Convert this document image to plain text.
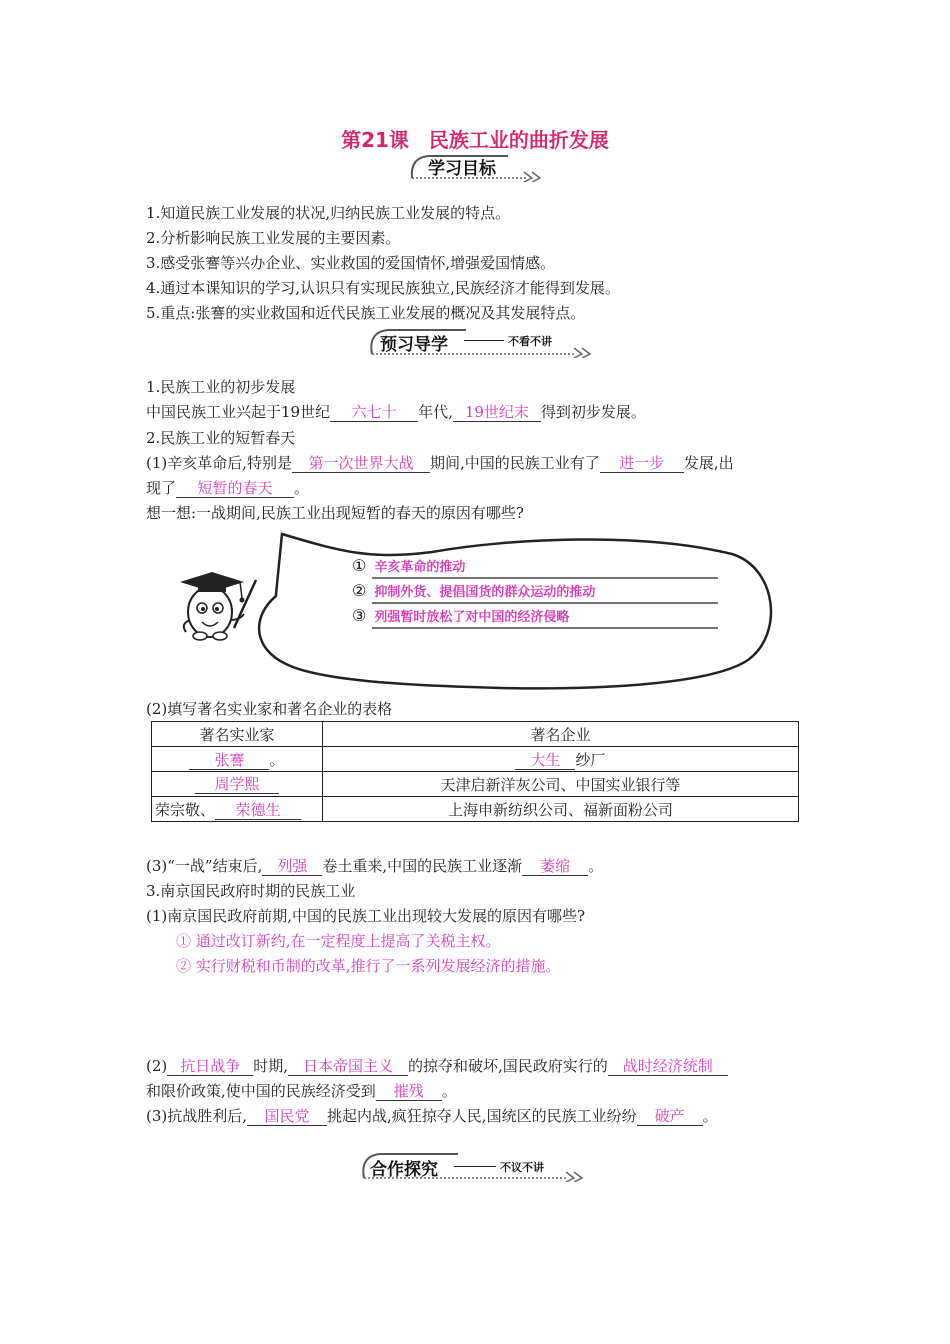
第21课　民族工业的曲折发展
学习目标
1.知道民族工业发展的状况,归纳民族工业发展的特点。
2.分析影响民族工业发展的主要因素。
3.感受张謇等兴办企业、实业救国的爱国情怀,增强爱国情感。
4.通过本课知识的学习,认识只有实现民族独立,民族经济才能得到发展。
5.重点:张謇的实业救国和近代民族工业发展的概况及其发展特点。
预习导学	不看不讲
1.民族工业的初步发展
中国民族工业兴起于19世纪 六七十 年代, 19世纪末 得到初步发展。
2.民族工业的短暂春天
(1)辛亥革命后,特别是 第一次世界大战 期间,中国的民族工业有了 进一步 发展,出
现了 短暂的春天 。
想一想:一战期间,民族工业出现短暂的春天的原因有哪些?
① 辛亥革命的推动
② 抑制外货、提倡国货的群众运动的推动
③ 列强暂时放松了对中国的经济侵略
(2)填写著名实业家和著名企业的表格
著名实业家	著名企业
张謇 。	大生 纱厂
周学熙	天津启新洋灰公司、中国实业银行等
荣宗敬、 荣德生	上海申新纺织公司、福新面粉公司
(3)“一战”结束后, 列强 卷土重来,中国的民族工业逐渐 萎缩 。
3.南京国民政府时期的民族工业
(1)南京国民政府前期,中国的民族工业出现较大发展的原因有哪些?
① 通过改订新约,在一定程度上提高了关税主权。
② 实行财税和币制的改革,推行了一系列发展经济的措施。
(2) 抗日战争 时期, 日本帝国主义 的掠夺和破坏,国民政府实行的 战时经济统制
和限价政策,使中国的民族经济受到 摧残 。
(3)抗战胜利后, 国民党 挑起内战,疯狂掠夺人民,国统区的民族工业纷纷 破产 。
合作探究	不议不讲
